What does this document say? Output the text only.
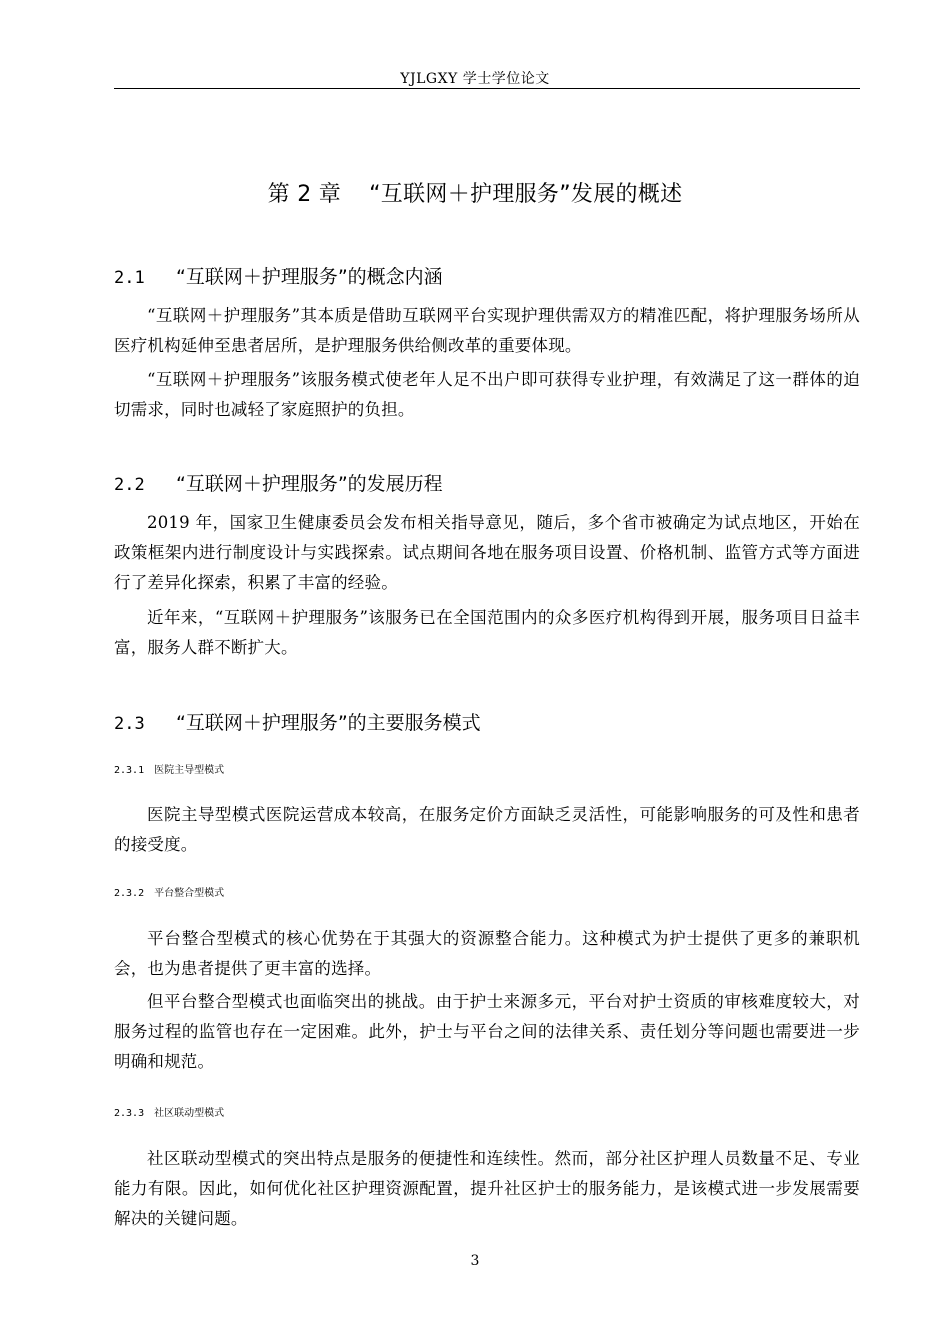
YJLGXY 学士学位论文
第 2 章 “互联网＋护理服务”发展的概述
2.1 “互联网＋护理服务”的概念内涵

“互联网＋护理服务”其本质是借助互联网平台实现护理供需双方的精准匹配，将护理服务场所从医疗机构延伸至患者居所，是护理服务供给侧改革的重要体现。

“互联网＋护理服务”该服务模式使老年人足不出户即可获得专业护理，有效满足了这一群体的迫切需求，同时也减轻了家庭照护的负担。

2.2 “互联网＋护理服务”的发展历程

2019 年，国家卫生健康委员会发布相关指导意见，随后，多个省市被确定为试点地区，开始在政策框架内进行制度设计与实践探索。试点期间各地在服务项目设置、价格机制、监管方式等方面进行了差异化探索，积累了丰富的经验。

近年来，“互联网＋护理服务”该服务已在全国范围内的众多医疗机构得到开展，服务项目日益丰富，服务人群不断扩大。

2.3 “互联网＋护理服务”的主要服务模式
2.3.1 医院主导型模式

医院主导型模式医院运营成本较高，在服务定价方面缺乏灵活性，可能影响服务的可及性和患者的接受度。

2.3.2 平台整合型模式

平台整合型模式的核心优势在于其强大的资源整合能力。这种模式为护士提供了更多的兼职机会，也为患者提供了更丰富的选择。

但平台整合型模式也面临突出的挑战。由于护士来源多元，平台对护士资质的审核难度较大，对服务过程的监管也存在一定困难。此外，护士与平台之间的法律关系、责任划分等问题也需要进一步明确和规范。

2.3.3 社区联动型模式

社区联动型模式的突出特点是服务的便捷性和连续性。然而，部分社区护理人员数量不足、专业能力有限。因此，如何优化社区护理资源配置，提升社区护士的服务能力，是该模式进一步发展需要解决的关键问题。

3
